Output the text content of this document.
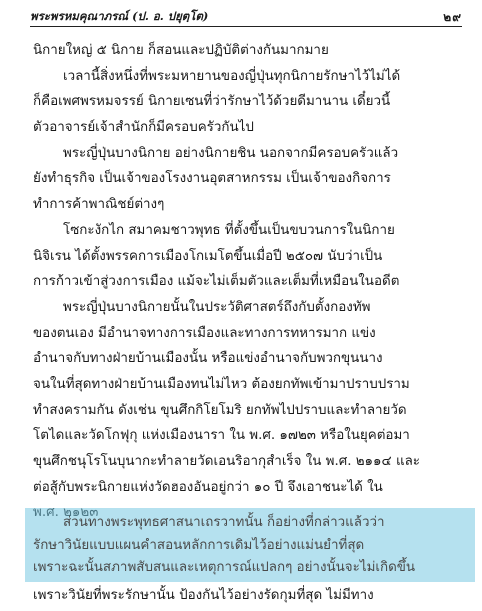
พระพรหมคุณาภรณ์ (ป. อ. ปยุตฺโต)	๒๙
นิกายใหญ่ ๕ นิกาย ก็สอนและปฏิบัติต่างกันมากมาย
เวลานี้สิ่งหนึ่งที่พระมหายานของญี่ปุ่นทุกนิกายรักษาไว้ไม่ได้
ก็คือเพศพรหมจรรย์ นิกายเซนที่ว่ารักษาไว้ด้วยดีมานาน เดี๋ยวนี้
ตัวอาจารย์เจ้าสำนักก็มีครอบครัวกันไป
พระญี่ปุ่นบางนิกาย อย่างนิกายชิน นอกจากมีครอบครัวแล้ว
ยังทำธุรกิจ เป็นเจ้าของโรงงานอุตสาหกรรม เป็นเจ้าของกิจการ
ทำการค้าพาณิชย์ต่างๆ
โซกะงักไก สมาคมชาวพุทธ ที่ตั้งขึ้นเป็นขบวนการในนิกาย
นิจิเรน ได้ตั้งพรรคการเมืองโกเมโตขึ้นเมื่อปี ๒๕๐๗ นับว่าเป็น
การก้าวเข้าสู่วงการเมือง แม้จะไม่เต็มตัวและเต็มที่เหมือนในอดีต
พระญี่ปุ่นบางนิกายนั้นในประวัติศาสตร์ถึงกับตั้งกองทัพ
ของตนเอง มีอำนาจทางการเมืองและทางการทหารมาก แข่ง
อำนาจกับทางฝ่ายบ้านเมืองนั้น หรือแข่งอำนาจกับพวกขุนนาง
จนในที่สุดทางฝ่ายบ้านเมืองทนไม่ไหว ต้องยกทัพเข้ามาปราบปราม
ทำสงครามกัน ดังเช่น ขุนศึกกิโยโมริ ยกทัพไปปราบและทำลายวัด
โตไดและวัดโกฟุกุ แห่งเมืองนารา ใน พ.ศ. ๑๗๒๓ หรือในยุคต่อมา
ขุนศึกชนุโรโนบุนากะทำลายวัดเอนริอากุสำเร็จ ใน พ.ศ. ๒๑๑๔ และ
ต่อสู้กับพระนิกายแห่งวัดฮองอันอยู่กว่า ๑๐ ปี จึงเอาชนะได้ ใน
ส่วนทางพระพุทธศาสนาเถรวาทนั้น ก็อย่างที่กล่าวแล้วว่า
รักษาวินัยแบบแผนคำสอนหลักการเดิมไว้อย่างแม่นยำที่สุด
เพราะฉะนั้นสภาพสับสนและเหตุการณ์แปลกๆ อย่างนั้นจะไม่เกิดขึ้น
เพราะวินัยที่พระรักษานั้น ป้องกันไว้อย่างรัดกุมที่สุด ไม่มีทาง
